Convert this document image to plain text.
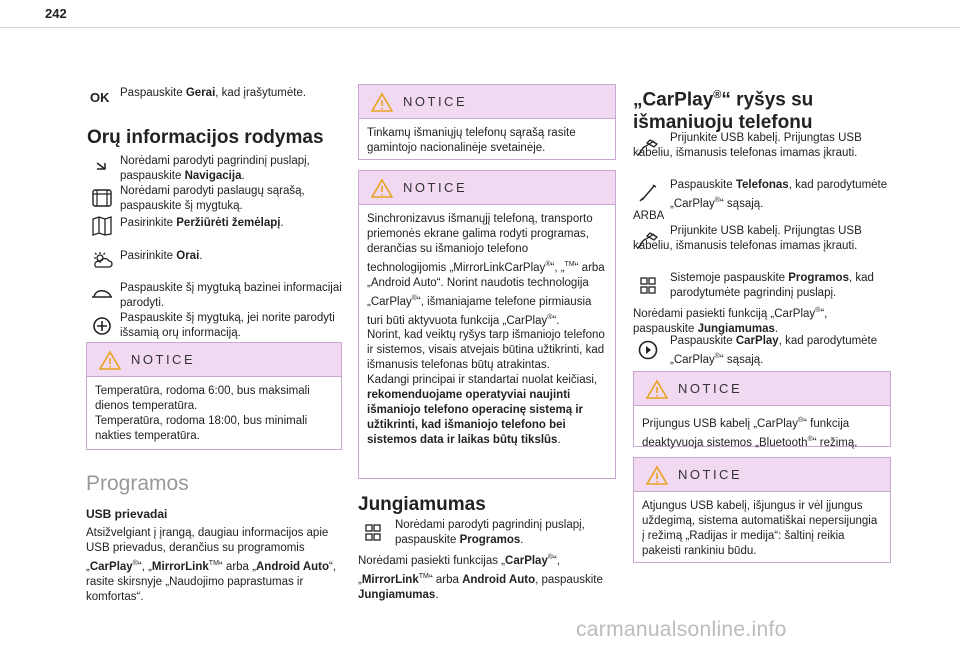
242
OK Paspauskite Gerai, kad įrašytumėte.
Orų informacijos rodymas
Norėdami parodyti pagrindinį puslapį, paspauskite Navigacija.
Norėdami parodyti paslaugų sąrašą, paspauskite šį mygtuką.
Pasirinkite Peržiūrėti žemėlapį.
Pasirinkite Orai.
Paspauskite šį mygtuką bazinei informacijai parodyti.
Paspauskite šį mygtuką, jei norite parodyti išsamią orų informaciją.
NOTICE
Temperatūra, rodoma 6:00, bus maksimali dienos temperatūra.
Temperatūra, rodoma 18:00, bus minimali nakties temperatūra.
Programos
USB prievadai
Atsižvelgiant į įrangą, daugiau informacijos apie USB prievadus, derančius su programomis „CarPlay®“, „MirrorLink™“ arba „Android Auto“, rasite skirsnyje „Naudojimo paprastumas ir komfortas“.
NOTICE
Tinkamų išmaniųjų telefonų sąrašą rasite gamintojo nacionalinėje svetainėje.
NOTICE
Sinchronizavus išmanųjį telefoną, transporto priemonės ekrane galima rodyti programas, derančias su išmaniojo telefono technologijomis „MirrorLinkCarPlay®“, „™“ arba „Android Auto“. Norint naudotis technologija „CarPlay®“, išmaniajame telefone pirmiausia turi būti aktyvuota funkcija „CarPlay®“.
Norint, kad veiktų ryšys tarp išmaniojo telefono ir sistemos, visais atvejais būtina užtikrinti, kad išmanusis telefonas būtų atrakintas.
Kadangi principai ir standartai nuolat keičiasi, rekomenduojame operatyviai naujinti išmaniojo telefono operacinę sistemą ir užtikrinti, kad išmaniojo telefono bei sistemos data ir laikas būtų tikslūs.
Jungiamumas
Norėdami parodyti pagrindinį puslapį, paspauskite Programos.
Norėdami pasiekti funkcijas „CarPlay®“, „MirrorLink™“ arba Android Auto, paspauskite Jungiamumas.
„CarPlay®“ ryšys su išmaniuoju telefonu
Prijunkite USB kabelį. Prijungtas USB kabeliu, išmanusis telefonas imamas įkrauti.
Paspauskite Telefonas, kad parodytumėte „CarPlay®“ sąsają.
ARBA
Prijunkite USB kabelį. Prijungtas USB kabeliu, išmanusis telefonas imamas įkrauti.
Sistemoje paspauskite Programos, kad parodytumėte pagrindinį puslapį.
Norėdami pasiekti funkciją „CarPlay®“, paspauskite Jungiamumas.
Paspauskite CarPlay, kad parodytumėte „CarPlay®“ sąsają.
NOTICE
Prijungus USB kabelį „CarPlay®“ funkcija deaktyvuoja sistemos „Bluetooth®“ režimą.
NOTICE
Atjungus USB kabelį, išjungus ir vėl įjungus uždegimą, sistema automatiškai nepersijungia į režimą „Radijas ir medija“: šaltinį reikia pakeisti rankiniu būdu.
carmanualsonline.info
